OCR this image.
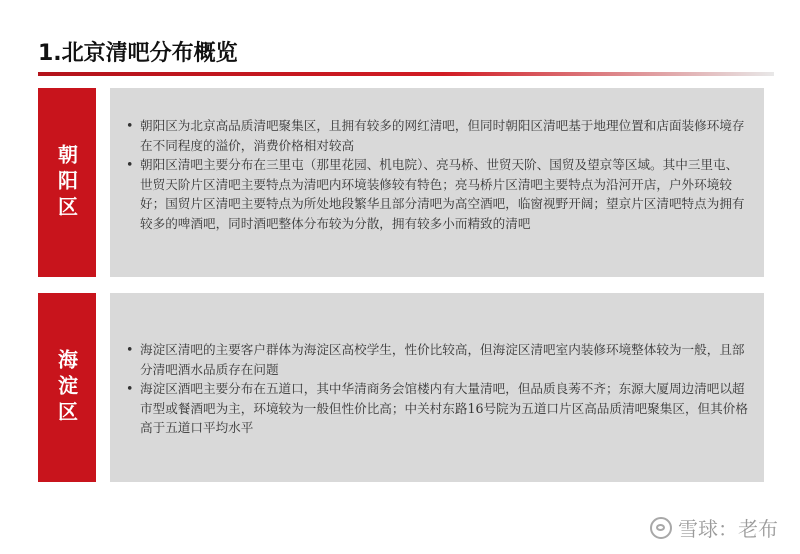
1.北京清吧分布概览
朝阳区
• 朝阳区为北京高品质清吧聚集区，且拥有较多的网红清吧，但同时朝阳区清吧基于地理位置和店面装修环境存在不同程度的溢价，消费价格相对较高
• 朝阳区清吧主要分布在三里屯（那里花园、机电院）、亮马桥、世贸天阶、国贸及望京等区域。其中三里屯、世贸天阶片区清吧主要特点为清吧内环境装修较有特色；亮马桥片区清吧主要特点为沿河开店，户外环境较好；国贸片区清吧主要特点为所处地段繁华且部分清吧为高空酒吧，临窗视野开阔；望京片区清吧特点为拥有较多的啤酒吧，同时酒吧整体分布较为分散，拥有较多小而精致的清吧
海淀区
•	海淀区清吧的主要客户群体为海淀区高校学生，性价比较高，但海淀区清吧室内装修环境整体较为一般，且部分清吧酒水品质存在问题
• 海淀区酒吧主要分布在五道口，其中华清商务会馆楼内有大量清吧，但品质良莠不齐；东源大厦周边清吧以超市型或餐酒吧为主，环境较为一般但性价比高；中关村东路16号院为五道口片区高品质清吧聚集区，但其价格高于五道口平均水平
雪球：老布
